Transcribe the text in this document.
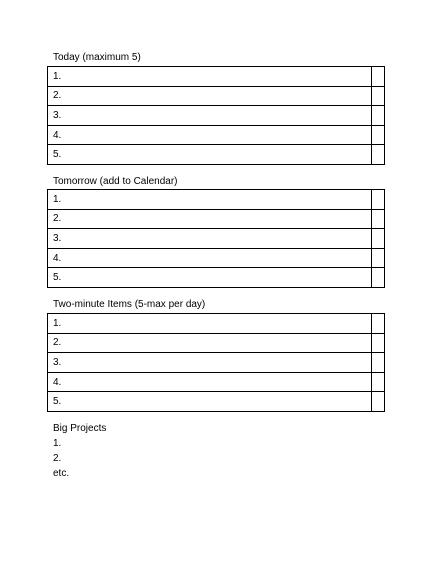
Today (maximum 5)
1.	
2.	
3.	
4.	
5.	
Tomorrow (add to Calendar)
1.	
2.	
3.	
4.	
5.	
Two-minute Items (5-max per day)
1.	
2.	
3.	
4.	
5.	
Big Projects
1.
2.
etc.
